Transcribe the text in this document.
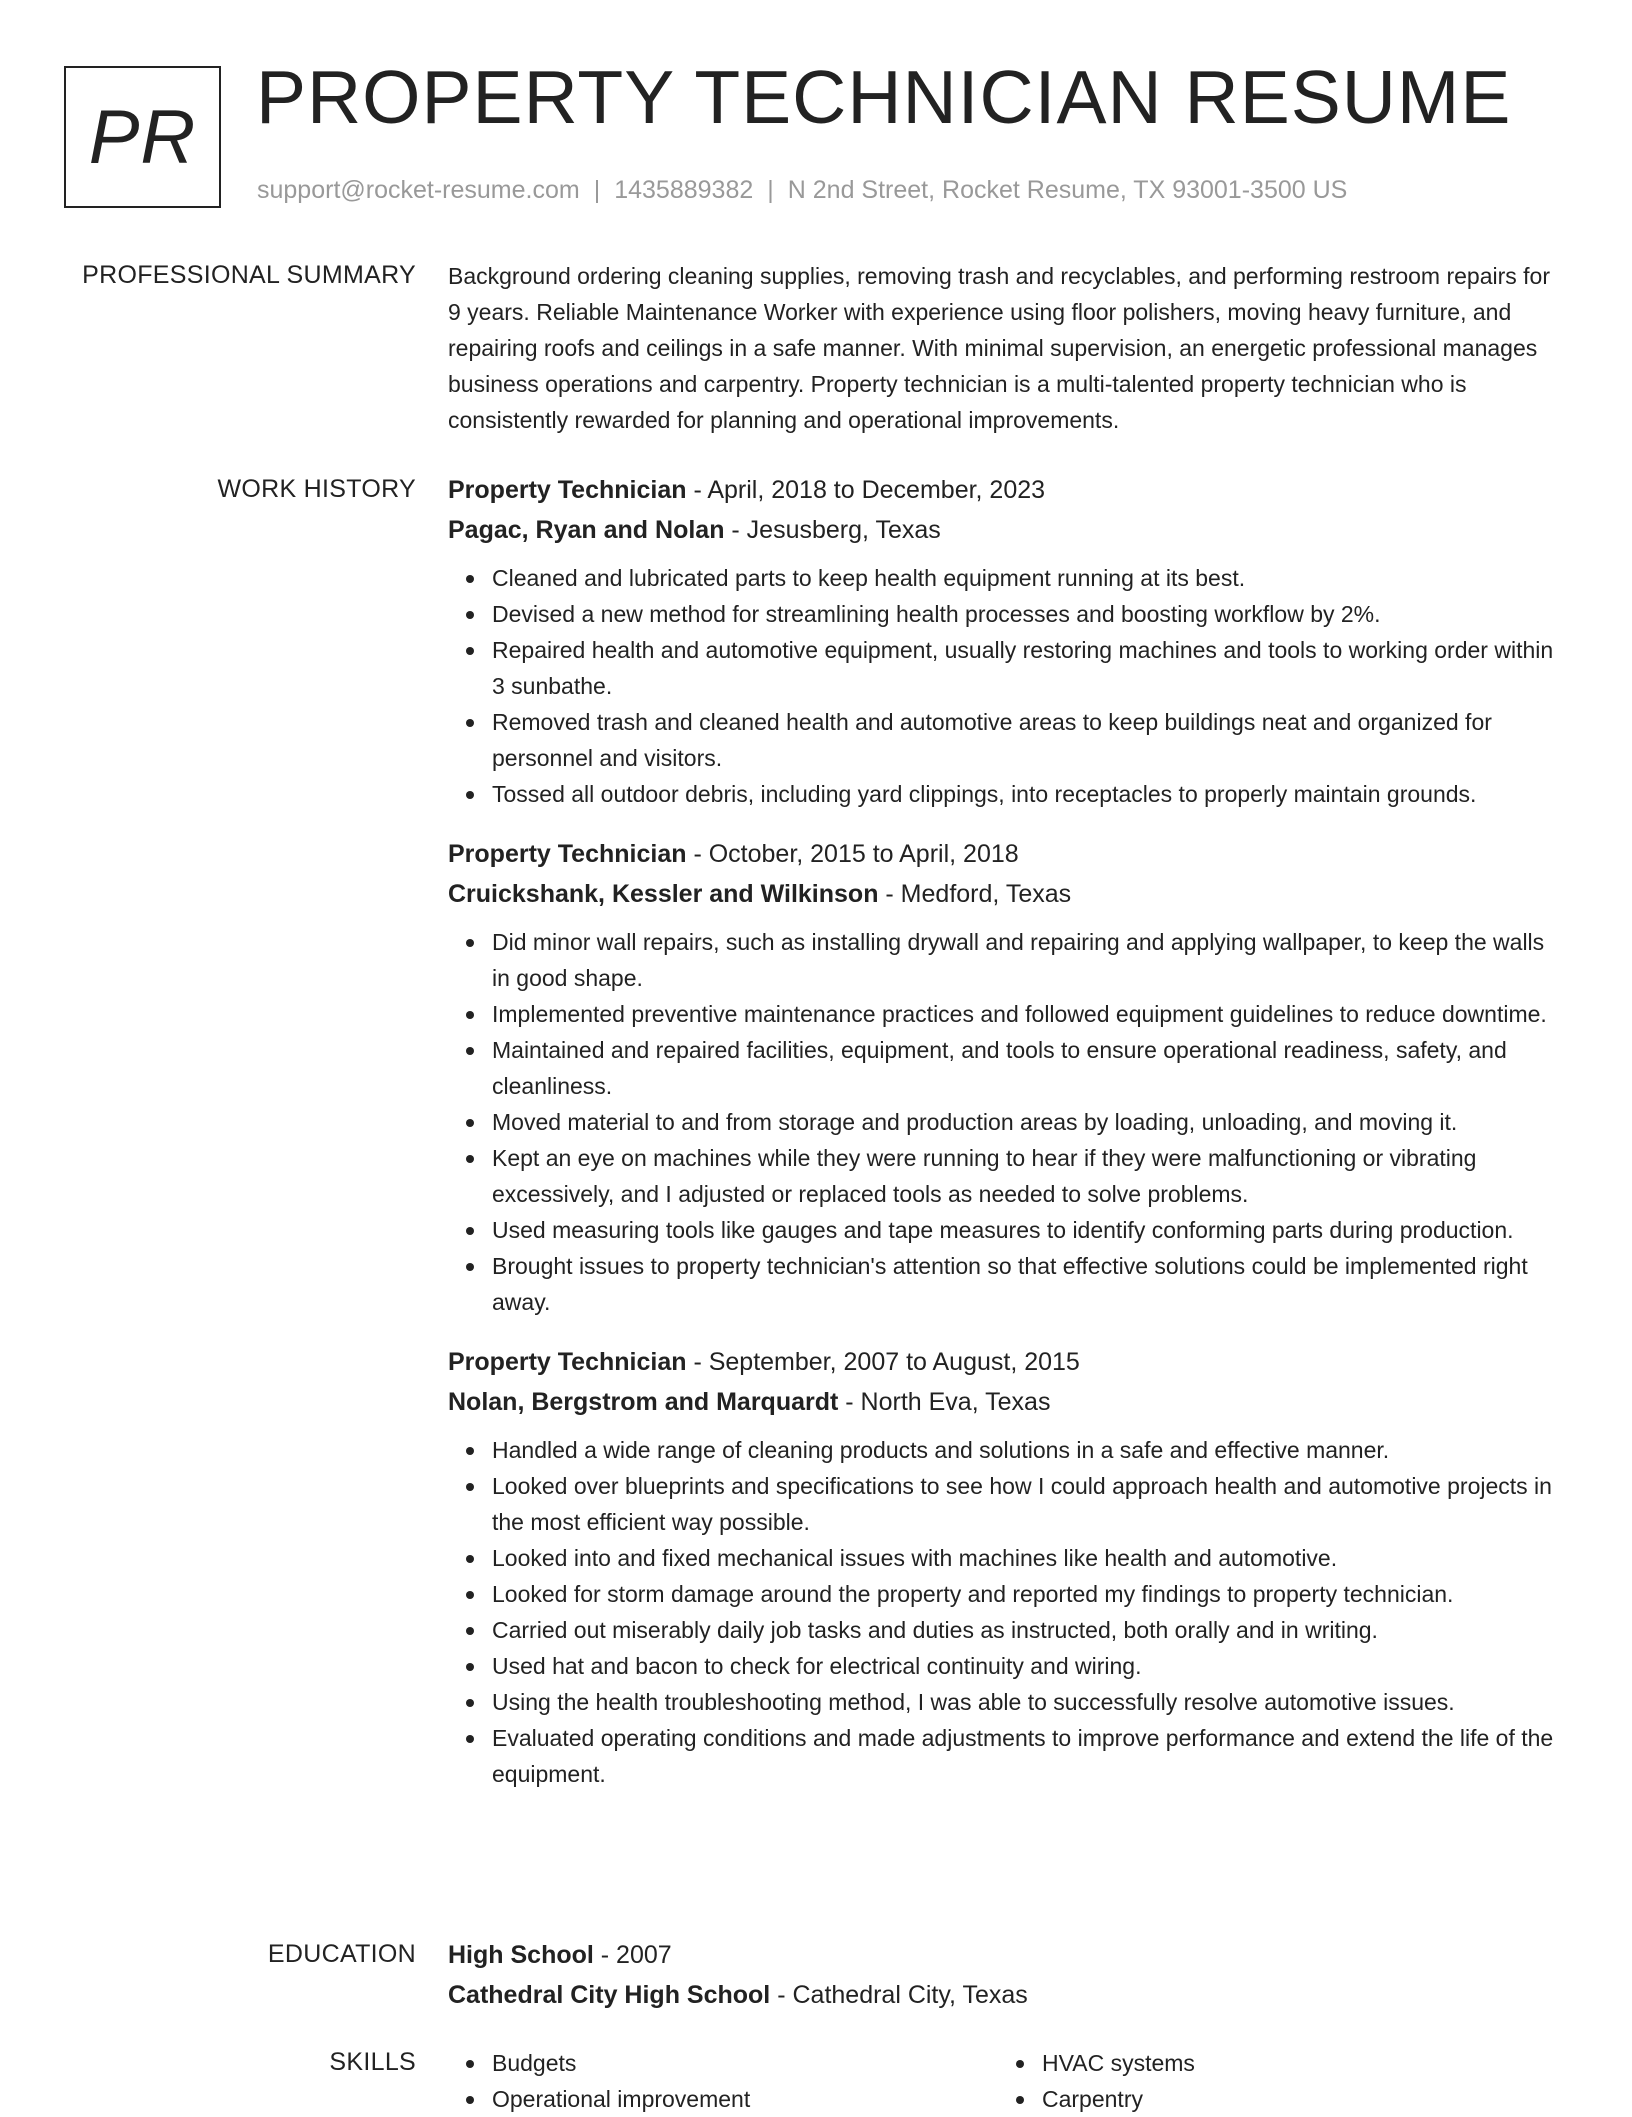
PR PROPERTY TECHNICIAN RESUME
support@rocket-resume.com | 1435889382 | N 2nd Street, Rocket Resume, TX 93001-3500 US
PROFESSIONAL SUMMARY Background ordering cleaning supplies, removing trash and recyclables, and performing restroom repairs for 9 years. Reliable Maintenance Worker with experience using floor polishers, moving heavy furniture, and repairing roofs and ceilings in a safe manner. With minimal supervision, an energetic professional manages business operations and carpentry. Property technician is a multi-talented property technician who is consistently rewarded for planning and operational improvements.

WORK HISTORY Property Technician - April, 2018 to December, 2023
Pagac, Ryan and Nolan - Jesusberg, Texas
Cleaned and lubricated parts to keep health equipment running at its best.
Devised a new method for streamlining health processes and boosting workflow by 2%.
Repaired health and automotive equipment, usually restoring machines and tools to working order within 3 sunbathe.
Removed trash and cleaned health and automotive areas to keep buildings neat and organized for personnel and visitors.
Tossed all outdoor debris, including yard clippings, into receptacles to properly maintain grounds.
Property Technician - October, 2015 to April, 2018
Cruickshank, Kessler and Wilkinson - Medford, Texas
Did minor wall repairs, such as installing drywall and repairing and applying wallpaper, to keep the walls in good shape.
Implemented preventive maintenance practices and followed equipment guidelines to reduce downtime.
Maintained and repaired facilities, equipment, and tools to ensure operational readiness, safety, and cleanliness.
Moved material to and from storage and production areas by loading, unloading, and moving it.
Kept an eye on machines while they were running to hear if they were malfunctioning or vibrating excessively, and I adjusted or replaced tools as needed to solve problems.
Used measuring tools like gauges and tape measures to identify conforming parts during production.
Brought issues to property technician's attention so that effective solutions could be implemented right away.
Property Technician - September, 2007 to August, 2015
Nolan, Bergstrom and Marquardt - North Eva, Texas
Handled a wide range of cleaning products and solutions in a safe and effective manner.
Looked over blueprints and specifications to see how I could approach health and automotive projects in the most efficient way possible.
Looked into and fixed mechanical issues with machines like health and automotive.
Looked for storm damage around the property and reported my findings to property technician.
Carried out miserably daily job tasks and duties as instructed, both orally and in writing.
Used hat and bacon to check for electrical continuity and wiring.
Using the health troubleshooting method, I was able to successfully resolve automotive issues.
Evaluated operating conditions and made adjustments to improve performance and extend the life of the equipment.
EDUCATION High School - 2007
Cathedral City High School - Cathedral City, Texas
SKILLS	Budgets
Operational improvement
HVAC systems
Carpentry
